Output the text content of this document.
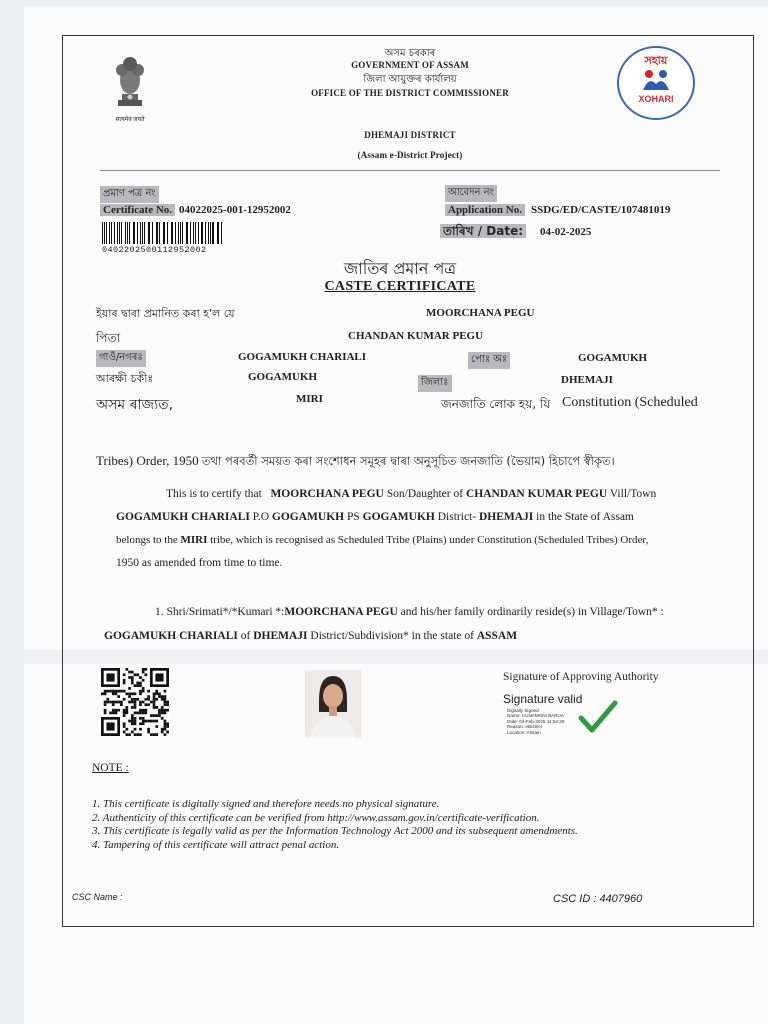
सत्यमेव जयते
অসম চৰকাৰ
GOVERNMENT OF ASSAM
জিলা আয়ুক্তৰ কাৰ্যালয়
OFFICE OF THE DISTRICT COMMISSIONER
DHEMAJI DISTRICT
(Assam e-District Project)
সহায়
XOHARI
প্ৰমাণ পত্ৰ নং
Certificate No. 04022025-001-12952002
040220250011295​2002
আবেদন নং
Application No. SSDG/ED/CASTE/107481019
তাৰিখ / Date: 04-02-2025
জাতিৰ প্ৰমান পত্ৰ
CASTE CERTIFICATE
ইয়াৰ দ্বাৰা প্ৰমানিত কৰা হ'ল যে	MOORCHANA PEGU
পিতা	CHANDAN KUMAR PEGU
গাওঁ/নগৰঃ	GOGAMUKH CHARIALI	পোঃ অঃ	GOGAMUKH
আৰক্ষী চকীঃ	GOGAMUKH	জিলাঃ	DHEMAJI
অসম ৰাজ্যত,	MIRI	জনজাতি লোক হয়, যি Constitution (Scheduled
Tribes) Order, 1950 তথা পৰবৰ্তী সময়ত কৰা সংশোধন সমূহৰ দ্বাৰা অনুসূচিত জনজাতি (ভৈয়াম) হিচাপে স্বীকৃত।
This is to certify that MOORCHANA PEGU Son/Daughter of CHANDAN KUMAR PEGU Vill/Town
GOGAMUKH CHARIALI P.O GOGAMUKH PS GOGAMUKH District- DHEMAJI in the State of Assam
belongs to the MIRI tribe, which is recognised as Scheduled Tribe (Plains) under Constitution (Scheduled Tribes) Order,
1950 as amended from time to time.
1. Shri/Srimati*/*Kumari *:MOORCHANA PEGU and his/her family ordinarily reside(s) in Village/Town* :
GOGAMUKH CHARIALI of DHEMAJI District/Subdivision* in the state of ASSAM
Signature of Approving Authority
Signature valid
Digitally Signed
Name: CUNAMONI BARUA
Date: 04-Feb-2025 11:54:39
Reason: eDistrict
Location: Assam
NOTE :
1. This certificate is digitally signed and therefore needs no physical signature.
2. Authenticity of this certificate can be verified from http://www.assam.gov.in/certificate-verification.
3. This certificate is legally valid as per the Information Technology Act 2000 and its subsequent amendments.
4. Tampering of this certificate will attract penal action.
CSC Name :	CSC ID : 4407960
